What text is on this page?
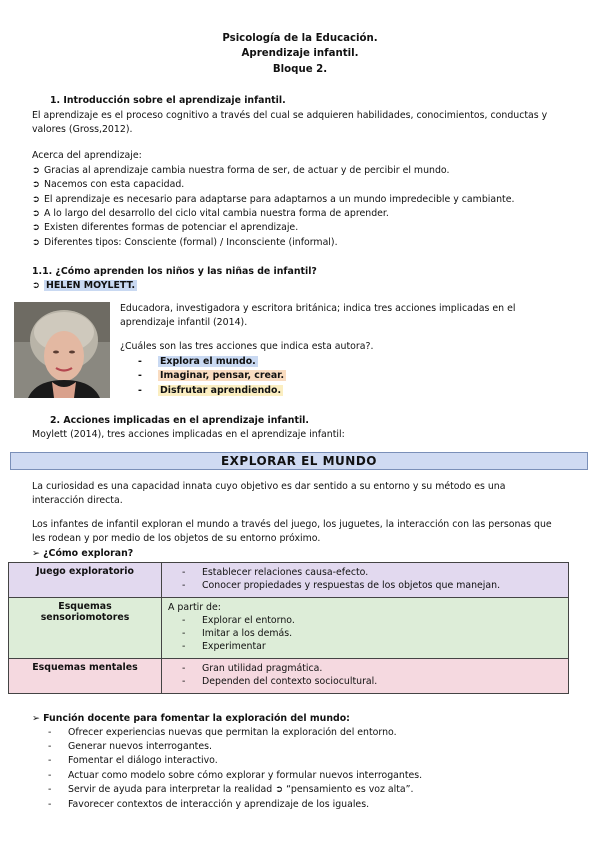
Psicología de la Educación.
Aprendizaje infantil.
Bloque 2.
1. Introducción sobre el aprendizaje infantil.
El aprendizaje es el proceso cognitivo a través del cual se adquieren habilidades, conocimientos, conductas y
valores (Gross,2012).
Acerca del aprendizaje:
➲ Gracias al aprendizaje cambia nuestra forma de ser, de actuar y de percibir el mundo.
➲ Nacemos con esta capacidad.
➲ El aprendizaje es necesario para adaptarse para adaptarnos a un mundo impredecible y cambiante.
➲ A lo largo del desarrollo del ciclo vital cambia nuestra forma de aprender.
➲ Existen diferentes formas de potenciar el aprendizaje.
➲ Diferentes tipos: Consciente (formal) / Inconsciente (informal).
1.1. ¿Cómo aprenden los niños y las niñas de infantil?
➲ HELEN MOYLETT.
Educadora, investigadora y escritora británica; indica tres acciones implicadas en el
aprendizaje infantil (2014).
¿Cuáles son las tres acciones que indica esta autora?.
- Explora el mundo.
- Imaginar, pensar, crear.
- Disfrutar aprendiendo.
2. Acciones implicadas en el aprendizaje infantil.
Moylett (2014), tres acciones implicadas en el aprendizaje infantil:
EXPLORAR EL MUNDO
La curiosidad es una capacidad innata cuyo objetivo es dar sentido a su entorno y su método es una
interacción directa.
Los infantes de infantil exploran el mundo a través del juego, los juguetes, la interacción con las personas que
les rodean y por medio de los objetos de su entorno próximo.
➢ ¿Cómo exploran?
Juego exploratorio	- Establecer relaciones causa-efecto.
- Conocer propiedades y respuestas de los objetos que manejan.

Esquemas sensoriomotores	A partir de:
- Explorar el entorno.
- Imitar a los demás.
- Experimentar

Esquemas mentales	- Gran utilidad pragmática.
- Dependen del contexto sociocultural.
➢ Función docente para fomentar la exploración del mundo:
- Ofrecer experiencias nuevas que permitan la exploración del entorno.
- Generar nuevos interrogantes.
- Fomentar el diálogo interactivo.
- Actuar como modelo sobre cómo explorar y formular nuevos interrogantes.
- Servir de ayuda para interpretar la realidad ➲ “pensamiento es voz alta”.
- Favorecer contextos de interacción y aprendizaje de los iguales.
